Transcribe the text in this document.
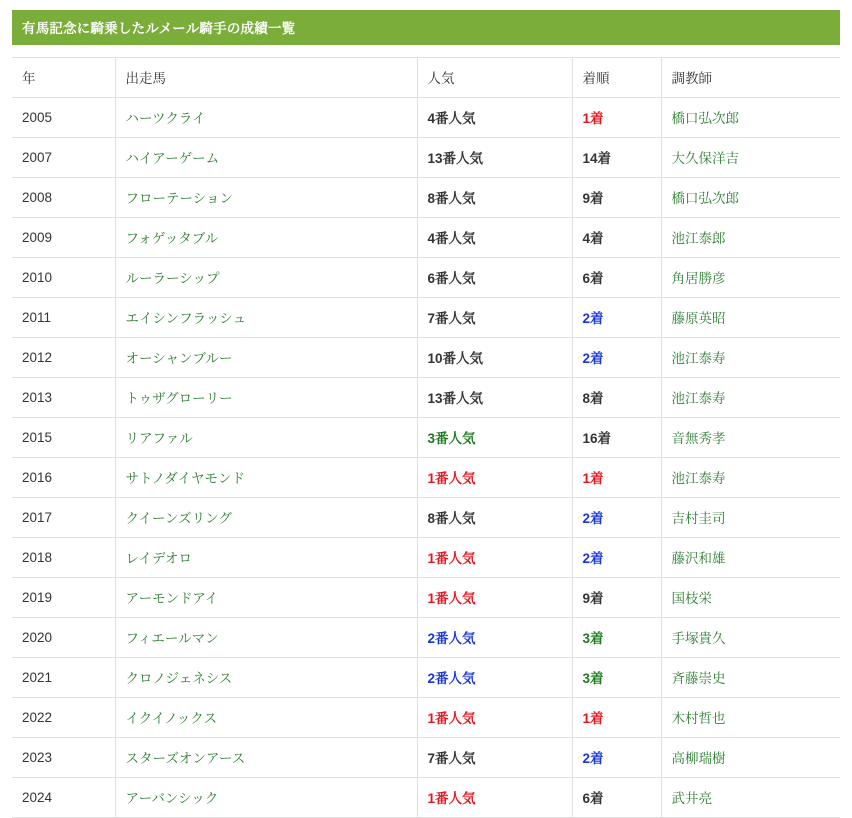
有馬記念に騎乗したルメール騎手の成績一覧
年	出走馬	人気	着順	調教師
2005	ハーツクライ	4番人気	1着	橋口弘次郎
2007	ハイアーゲーム	13番人気	14着	大久保洋吉
2008	フローテーション	8番人気	9着	橋口弘次郎
2009	フォゲッタブル	4番人気	4着	池江泰郎
2010	ルーラーシップ	6番人気	6着	角居勝彦
2011	エイシンフラッシュ	7番人気	2着	藤原英昭
2012	オーシャンブルー	10番人気	2着	池江泰寿
2013	トゥザグローリー	13番人気	8着	池江泰寿
2015	リアファル	3番人気	16着	音無秀孝
2016	サトノダイヤモンド	1番人気	1着	池江泰寿
2017	クイーンズリング	8番人気	2着	吉村圭司
2018	レイデオロ	1番人気	2着	藤沢和雄
2019	アーモンドアイ	1番人気	9着	国枝栄
2020	フィエールマン	2番人気	3着	手塚貴久
2021	クロノジェネシス	2番人気	3着	斉藤崇史
2022	イクイノックス	1番人気	1着	木村哲也
2023	スターズオンアース	7番人気	2着	高柳瑞樹
2024	アーバンシック	1番人気	6着	武井亮
